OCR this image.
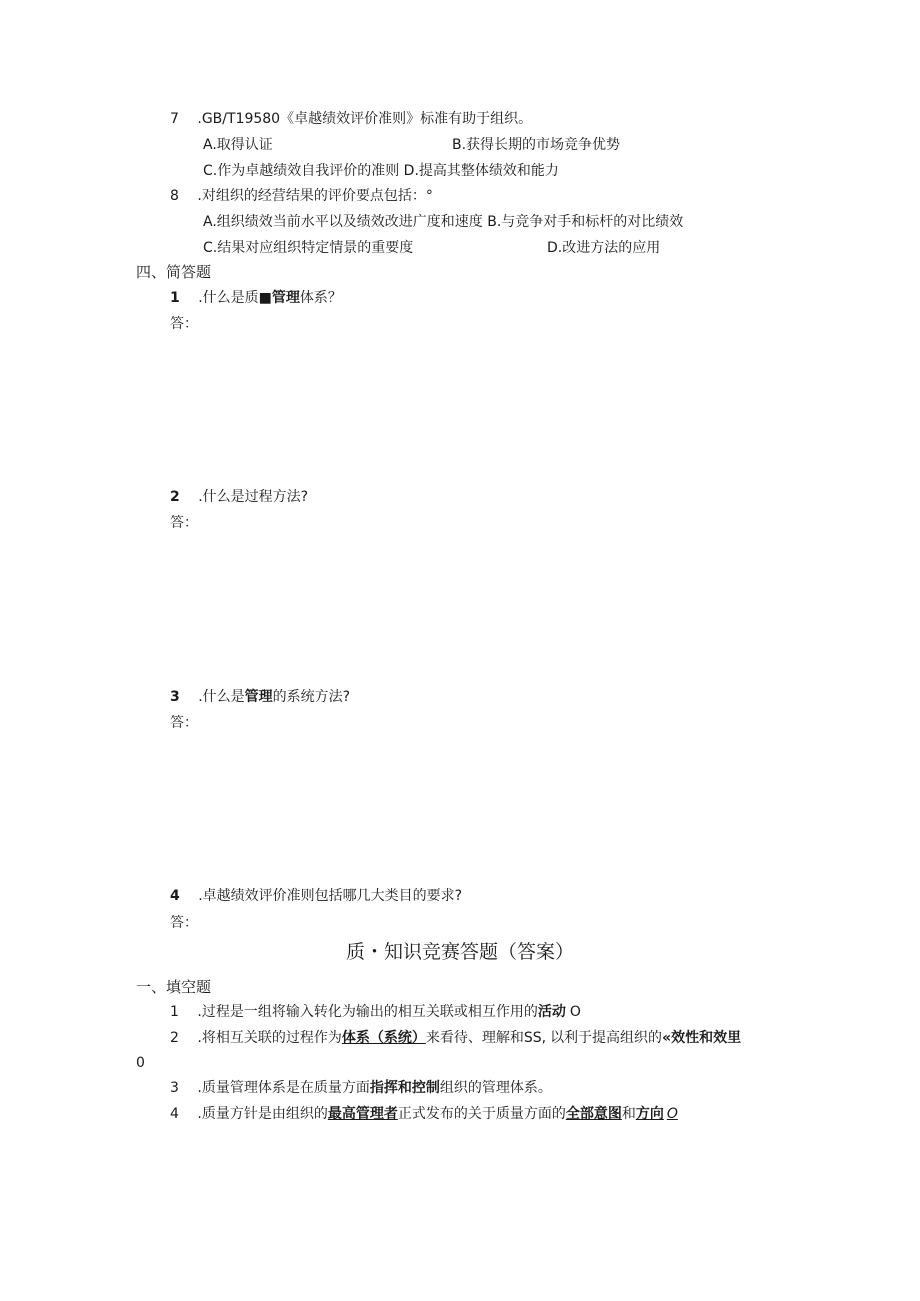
7 .GB/T19580《卓越绩效评价准则》标准有助于组织。
A.取得认证	B.获得长期的市场竞争优势
C.作为卓越绩效自我评价的准则 D.提高其整体绩效和能力
8 .对组织的经营结果的评价要点包括：°
A.组织绩效当前水平以及绩效改进广度和速度 B.与竞争对手和标杆的对比绩效
C.结果对应组织特定情景的重要度	D.改进方法的应用
四、简答题
1 .什么是质■管理体系？
答：
2 .什么是过程方法?
答：
3 .什么是管理的系统方法?
答：
4 .卓越绩效评价准则包括哪几大类目的要求?
答：
质・知识竞赛答题（答案）
一、填空题
1 .过程是一组将输入转化为输出的相互关联或相互作用的活动 O
2 .将相互关联的过程作为体系（系统）来看待、理解和SS, 以利于提高组织的«效性和效里
0
3 .质量管理体系是在质量方面指挥和控制组织的管理体系。
4 .质量方针是由组织的最高管理者正式发布的关于质量方面的全部意图和方向 O
